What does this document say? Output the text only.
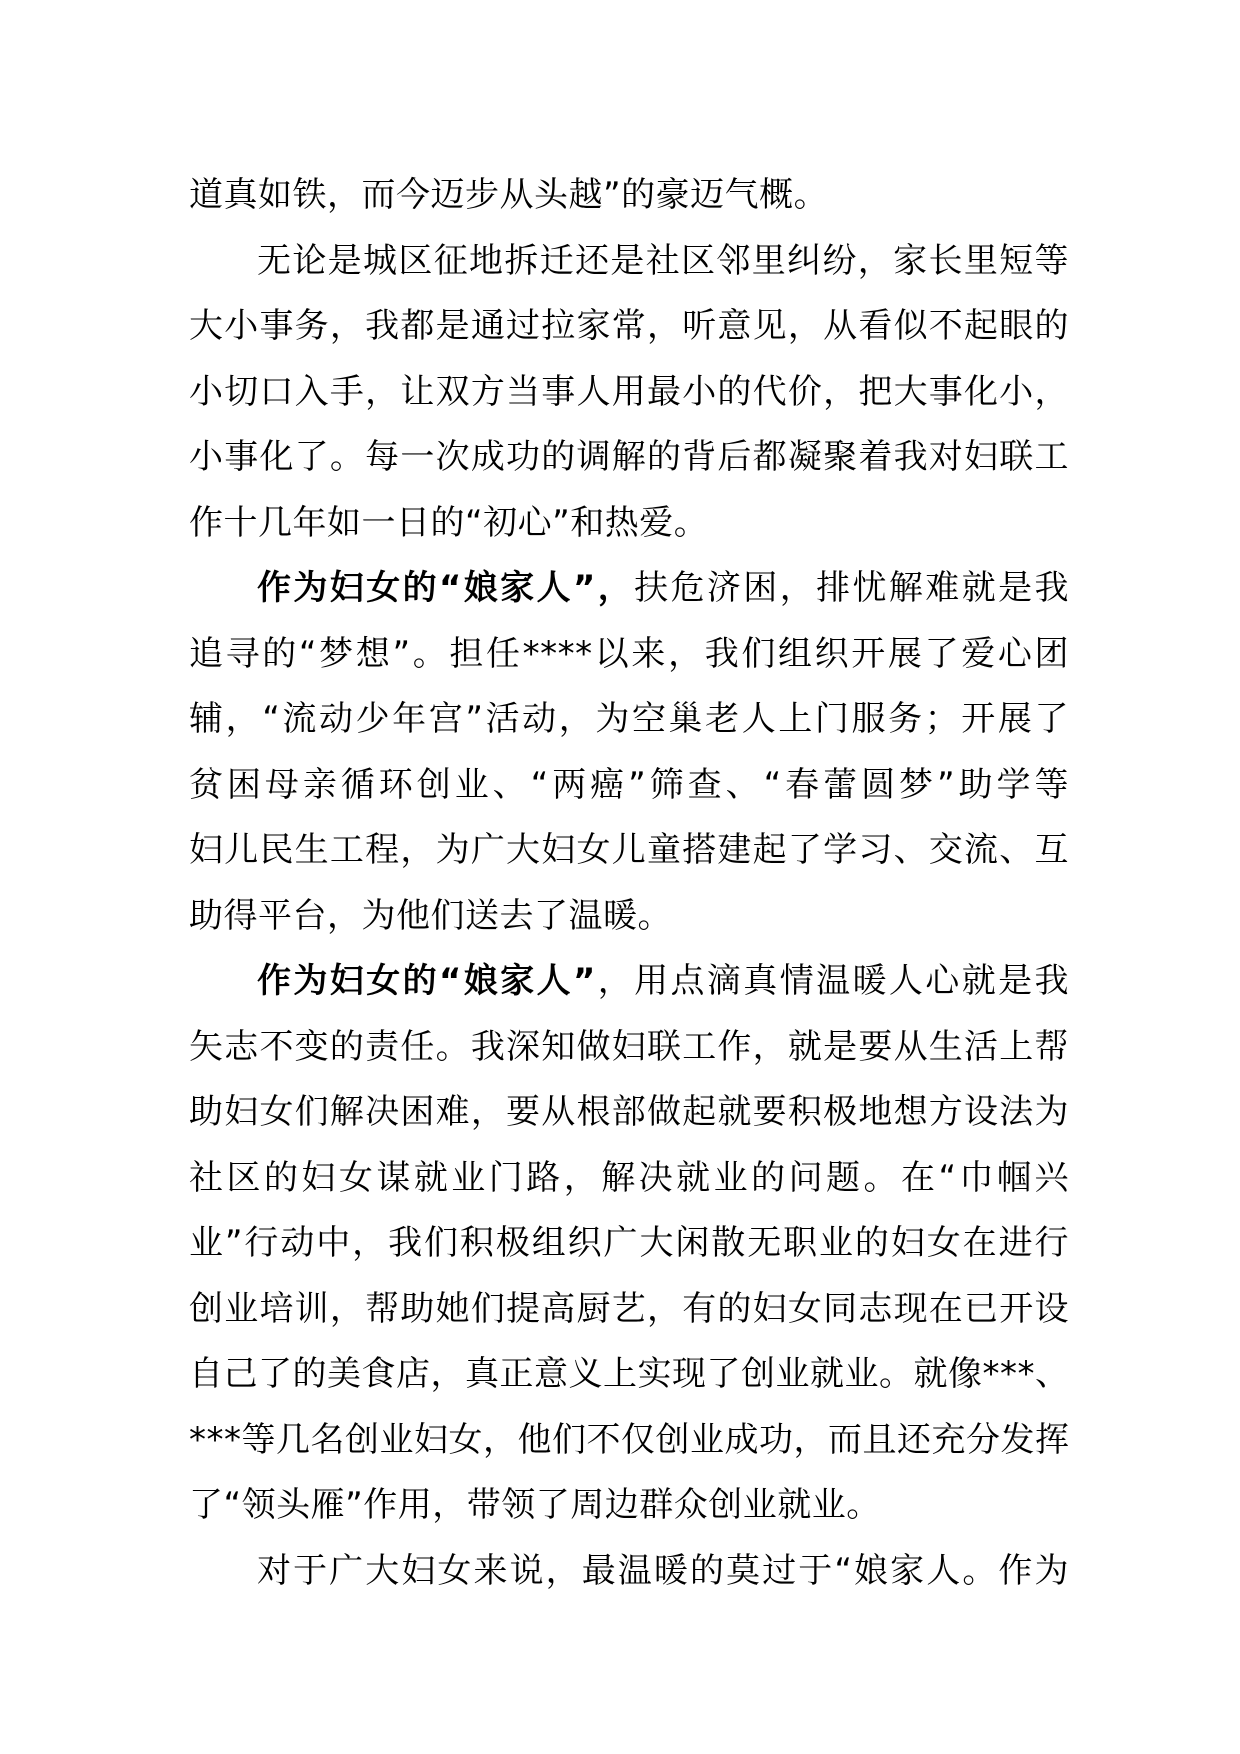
道真如铁，而今迈步从头越”的豪迈气概。
无论是城区征地拆迁还是社区邻里纠纷，家长里短等
大小事务，我都是通过拉家常，听意见，从看似不起眼的
小切口入手，让双方当事人用最小的代价，把大事化小，
小事化了。每一次成功的调解的背后都凝聚着我对妇联工
作十几年如一日的“初心”和热爱。
作为妇女的“娘家人”，扶危济困，排忧解难就是我
追寻的“梦想”。担任****以来，我们组织开展了爱心团
辅，“流动少年宫”活动，为空巢老人上门服务；开展了
贫困母亲循环创业、“两癌”筛查、“春蕾圆梦”助学等
妇儿民生工程，为广大妇女儿童搭建起了学习、交流、互
助得平台，为他们送去了温暖。
作为妇女的“娘家人”，用点滴真情温暖人心就是我
矢志不变的责任。我深知做妇联工作，就是要从生活上帮
助妇女们解决困难，要从根部做起就要积极地想方设法为
社区的妇女谋就业门路，解决就业的问题。在“巾帼兴
业”行动中，我们积极组织广大闲散无职业的妇女在进行
创业培训，帮助她们提高厨艺，有的妇女同志现在已开设
自己了的美食店，真正意义上实现了创业就业。就像***、
***等几名创业妇女，他们不仅创业成功，而且还充分发挥
了“领头雁”作用，带领了周边群众创业就业。
对于广大妇女来说，最温暖的莫过于“娘家人。作为
